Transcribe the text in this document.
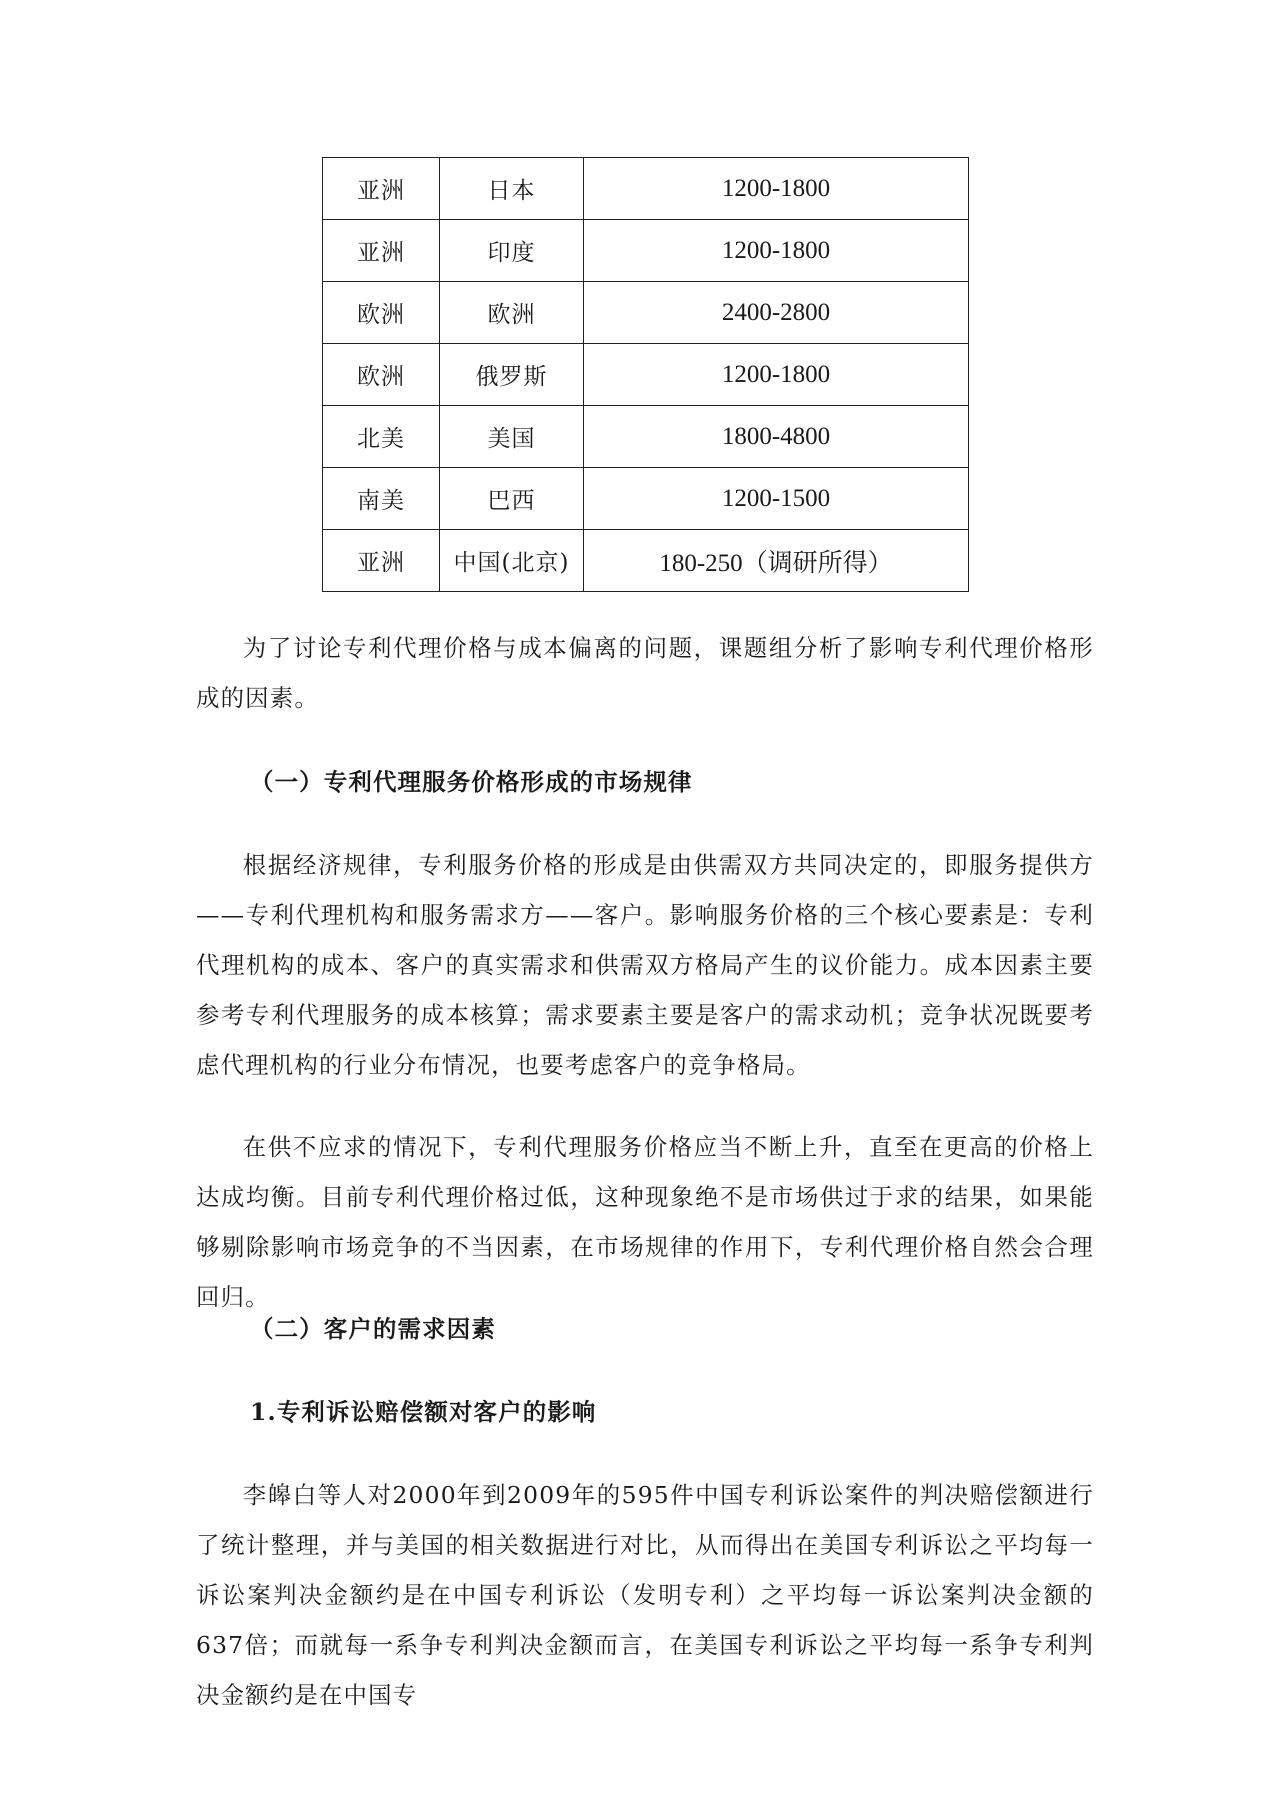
亚洲	日本	1200-1800
亚洲	印度	1200-1800
欧洲	欧洲	2400-2800
欧洲	俄罗斯	1200-1800
北美	美国	1800-4800
南美	巴西	1200-1500
亚洲	中国(北京)	180-250（调研所得）

为了讨论专利代理价格与成本偏离的问题，课题组分析了影响专利代理价格形成的因素。

（一）专利代理服务价格形成的市场规律

根据经济规律，专利服务价格的形成是由供需双方共同决定的，即服务提供方——专利代理机构和服务需求方——客户。影响服务价格的三个核心要素是：专利代理机构的成本、客户的真实需求和供需双方格局产生的议价能力。成本因素主要参考专利代理服务的成本核算；需求要素主要是客户的需求动机；竞争状况既要考虑代理机构的行业分布情况，也要考虑客户的竞争格局。

在供不应求的情况下，专利代理服务价格应当不断上升，直至在更高的价格上达成均衡。目前专利代理价格过低，这种现象绝不是市场供过于求的结果，如果能够剔除影响市场竞争的不当因素，在市场规律的作用下，专利代理价格自然会合理回归。

（二）客户的需求因素

1.专利诉讼赔偿额对客户的影响

李皞白等人对2000年到2009年的595件中国专利诉讼案件的判决赔偿额进行了统计整理，并与美国的相关数据进行对比，从而得出在美国专利诉讼之平均每一诉讼案判决金额约是在中国专利诉讼（发明专利）之平均每一诉讼案判决金额的637倍；而就每一系争专利判决金额而言，在美国专利诉讼之平均每一系争专利判决金额约是在中国专
